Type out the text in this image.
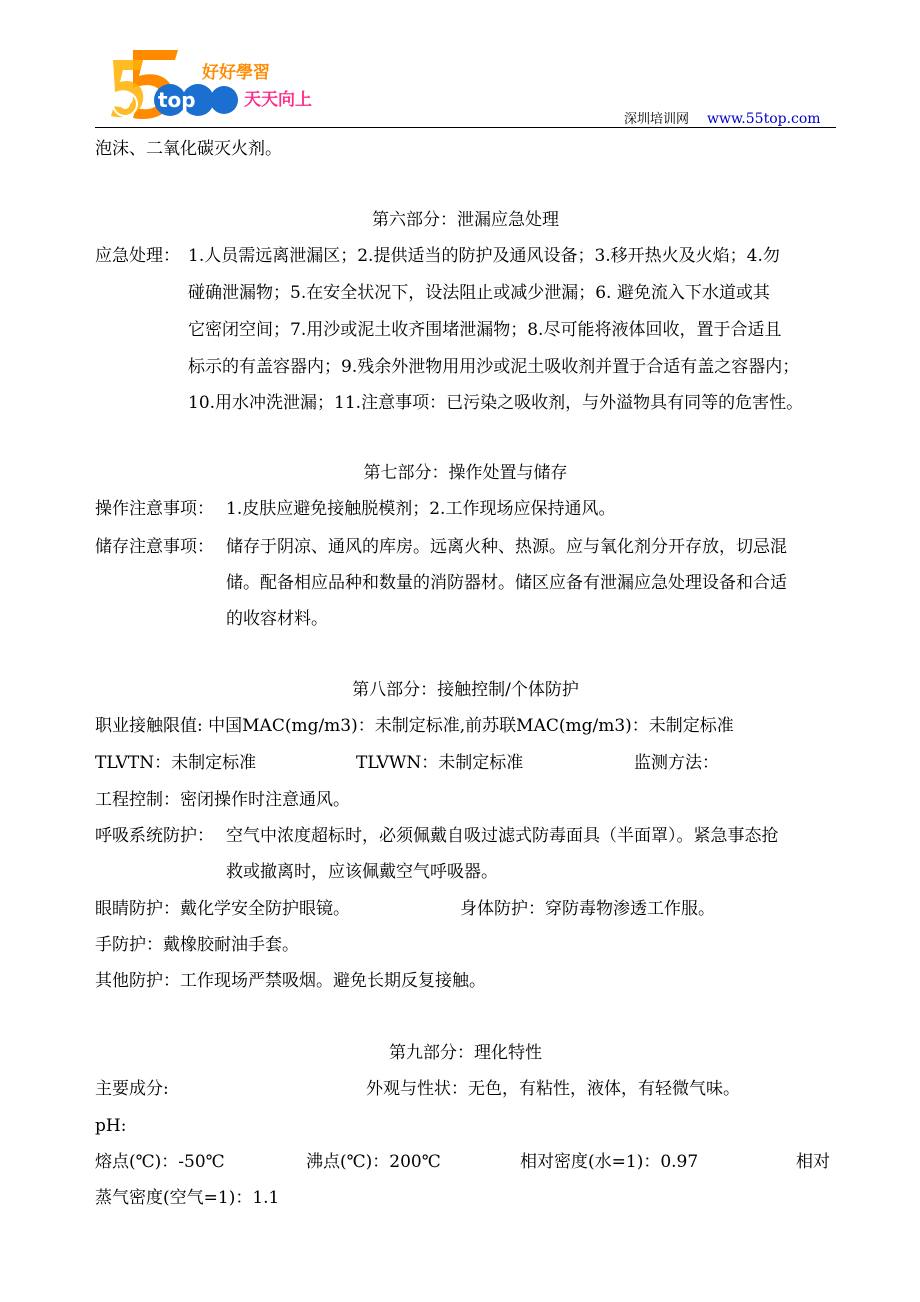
top
好好學習
天天向上
深圳培训网 www.55top.com
泡沫、二氧化碳灭火剂。
第六部分：泄漏应急处理
应急处理： 1.人员需远离泄漏区；2.提供适当的防护及通风设备；3.移开热火及火焰；4.勿
碰确泄漏物；5.在安全状况下，设法阻止或减少泄漏；6. 避免流入下水道或其
它密闭空间；7.用沙或泥土收齐围堵泄漏物；8.尽可能将液体回收，置于合适且
标示的有盖容器内；9.残余外泄物用用沙或泥土吸收剂并置于合适有盖之容器内；
10.用水冲洗泄漏；11.注意事项：已污染之吸收剂，与外溢物具有同等的危害性。
第七部分：操作处置与储存
操作注意事项： 1.皮肤应避免接触脱模剂；2.工作现场应保持通风。
储存注意事项： 储存于阴凉、通风的库房。远离火种、热源。应与氧化剂分开存放，切忌混
储。配备相应品种和数量的消防器材。储区应备有泄漏应急处理设备和合适
的收容材料。
第八部分：接触控制/个体防护
职业接触限值: 中国MAC(mg/m3)：未制定标准,前苏联MAC(mg/m3)：未制定标准
TLVTN：未制定标准	TLVWN：未制定标准	监测方法：
工程控制：密闭操作时注意通风。
呼吸系统防护： 空气中浓度超标时，必须佩戴自吸过滤式防毒面具（半面罩）。紧急事态抢
救或撤离时，应该佩戴空气呼吸器。
眼睛防护：戴化学安全防护眼镜。	身体防护：穿防毒物渗透工作服。
手防护：戴橡胶耐油手套。
其他防护：工作现场严禁吸烟。避免长期反复接触。
第九部分：理化特性
主要成分:	外观与性状：无色，有粘性，液体，有轻微气味。
pH:
熔点(℃)：-50℃	沸点(℃)：200℃	相对密度(水=1)：0.97	相对
蒸气密度(空气=1)：1.1
